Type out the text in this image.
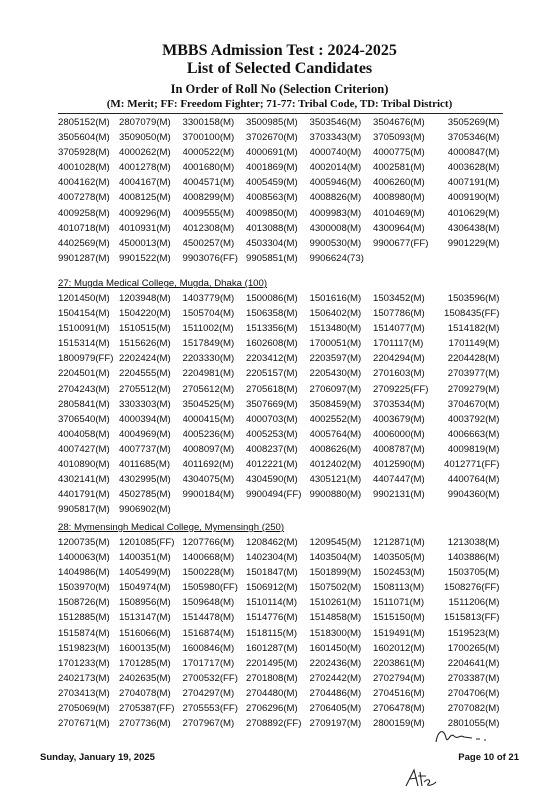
MBBS Admission Test : 2024-2025
List of Selected Candidates
In Order of Roll No (Selection Criterion)
(M: Merit; FF: Freedom Fighter; 71-77: Tribal Code, TD: Tribal District)
2805152(M) 2807079(M)	3300158(M)	3500985(M)	3503546(M)	3504676(M)	3505269(M)
3505604(M) 3509050(M)	3700100(M)	3702670(M)	3703343(M)	3705093(M)	3705346(M)
3705928(M) 4000262(M)	4000522(M)	4000691(M)	4000740(M)	4000775(M)	4000847(M)
4001028(M) 4001278(M)	4001680(M)	4001869(M)	4002014(M)	4002581(M)	4003628(M)
4004162(M) 4004167(M)	4004571(M)	4005459(M)	4005946(M)	4006260(M)	4007191(M)
4007278(M) 4008125(M)	4008299(M)	4008563(M)	4008826(M)	4008980(M)	4009190(M)
4009258(M) 4009296(M)	4009555(M)	4009850(M)	4009983(M)	4010469(M)	4010629(M)
4010718(M) 4010931(M)	4012308(M)	4013088(M)	4300008(M)	4300964(M)	4306438(M)
4402569(M) 4500013(M)	4500257(M)	4503304(M)	9900530(M)	9900677(FF)	9901229(M)
9901287(M) 9901522(M)	9903076(FF) 9905851(M)	9906624(73)
27: Mugda Medical College, Mugda, Dhaka (100)
1201450(M) 1203948(M)	1403779(M)	1500086(M)	1501616(M)	1503452(M)	1503596(M)
1504154(M) 1504220(M)	1505704(M)	1506358(M)	1506402(M)	1507786(M)	1508435(FF)
1510091(M) 1510515(M)	1511002(M)	1513356(M)	1513480(M)	1514077(M)	1514182(M)
1515314(M) 1515626(M)	1517849(M)	1602608(M)	1700051(M)	1701117(M)	1701149(M)
1800979(FF) 2202424(M)	2203330(M)	2203412(M)	2203597(M)	2204294(M)	2204428(M)
2204501(M) 2204555(M)	2204981(M)	2205157(M)	2205430(M)	2701603(M)	2703977(M)
2704243(M) 2705512(M)	2705612(M)	2705618(M)	2706097(M)	2709225(FF)	2709279(M)
2805841(M) 3303303(M)	3504525(M)	3507669(M)	3508459(M)	3703534(M)	3704670(M)
3706540(M) 4000394(M)	4000415(M)	4000703(M)	4002552(M)	4003679(M)	4003792(M)
4004058(M) 4004969(M)	4005236(M)	4005253(M)	4005764(M)	4006000(M)	4006663(M)
4007427(M) 4007737(M)	4008097(M)	4008237(M)	4008626(M)	4008787(M)	4009819(M)
4010890(M) 4011685(M)	4011692(M)	4012221(M)	4012402(M)	4012590(M)	4012771(FF)
4302141(M) 4302995(M)	4304075(M)	4304590(M)	4305121(M)	4407447(M)	4400764(M)
4401791(M) 4502785(M)	9900184(M)	9900494(FF) 9900880(M)	9902131(M)	9904360(M)
9905817(M) 9906902(M)
28: Mymensingh Medical College, Mymensingh (250)
1200735(M) 1201085(FF) 1207766(M)	1208462(M)	1209545(M)	1212871(M)	1213038(M)
1400063(M) 1400351(M)	1400668(M)	1402304(M)	1403504(M)	1403505(M)	1403886(M)
1404986(M) 1405499(M)	1500228(M)	1501847(M)	1501899(M)	1502453(M)	1503705(M)
1503970(M) 1504974(M)	1505980(FF) 1506912(M)	1507502(M)	1508113(M)	1508276(FF)
1508726(M) 1508956(M)	1509648(M)	1510114(M)	1510261(M)	1511071(M)	1511206(M)
1512885(M) 1513147(M)	1514478(M)	1514776(M)	1514858(M)	1515150(M)	1515813(FF)
1515874(M) 1516066(M)	1516874(M)	1518115(M)	1518300(M)	1519491(M)	1519523(M)
1519823(M) 1600135(M)	1600846(M)	1601287(M)	1601450(M)	1602012(M)	1700265(M)
1701233(M) 1701285(M)	1701717(M)	2201495(M)	2202436(M)	2203861(M)	2204641(M)
2402173(M) 2402635(M)	2700532(FF) 2701808(M)	2702442(M)	2702794(M)	2703387(M)
2703413(M) 2704078(M)	2704297(M)	2704480(M)	2704486(M)	2704516(M)	2704706(M)
2705069(M) 2705387(FF) 2705553(FF) 2706296(M)	2706405(M)	2706478(M)	2707082(M)
2707671(M) 2707736(M)	2707967(M)	2708892(FF) 2709197(M)	2800159(M)	2801055(M)
Sunday, January 19, 2025	Page 10 of 21
